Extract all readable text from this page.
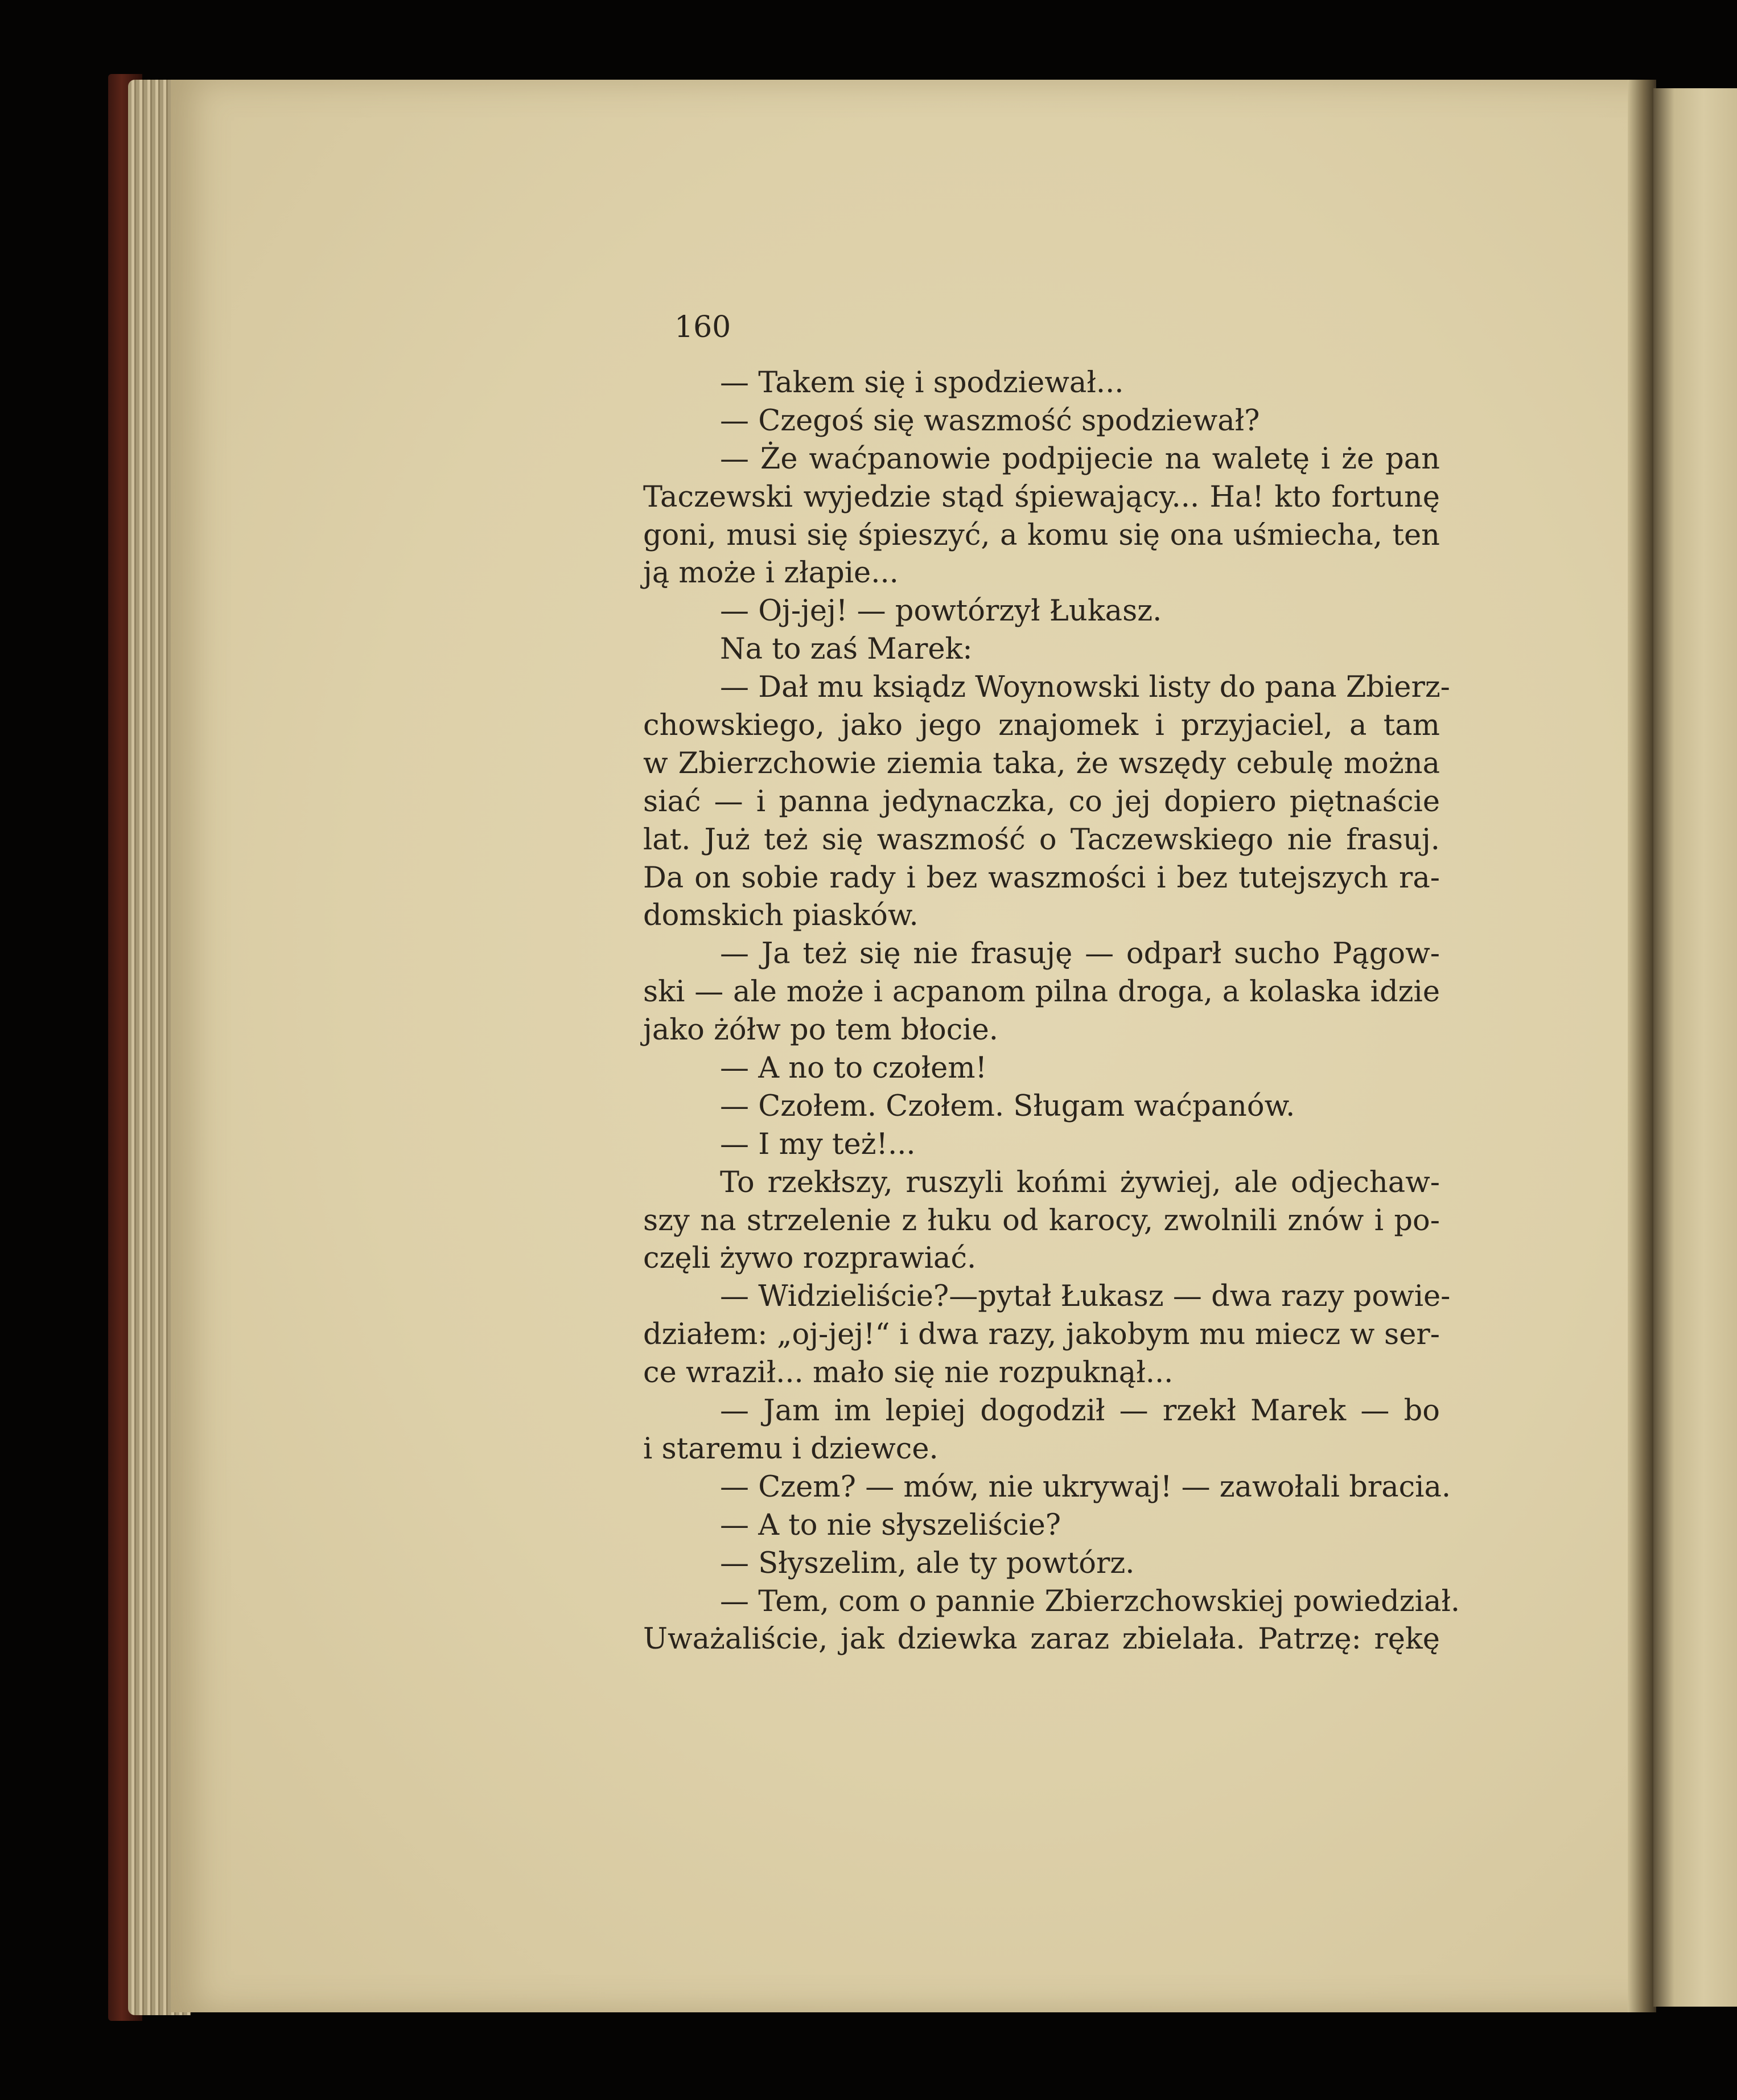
160
— Takem się i spodziewał...
— Czegoś się waszmość spodziewał?
— Że waćpanowie podpijecie na waletę i że pan
Taczewski wyjedzie stąd śpiewający... Ha! kto fortunę
goni, musi się śpieszyć, a komu się ona uśmiecha, ten
ją może i złapie...
— Oj-jej! — powtórzył Łukasz.
Na to zaś Marek:
— Dał mu ksiądz Woynowski listy do pana Zbierz-
chowskiego, jako jego znajomek i przyjaciel, a tam
w Zbierzchowie ziemia taka, że wszędy cebulę można
siać — i panna jedynaczka, co jej dopiero piętnaście
lat. Już też się waszmość o Taczewskiego nie frasuj.
Da on sobie rady i bez waszmości i bez tutejszych ra-
domskich piasków.
— Ja też się nie frasuję — odparł sucho Pągow-
ski — ale może i acpanom pilna droga, a kolaska idzie
jako żółw po tem błocie.
— A no to czołem!
— Czołem. Czołem. Sługam waćpanów.
— I my też!...
To rzekłszy, ruszyli końmi żywiej, ale odjechaw-
szy na strzelenie z łuku od karocy, zwolnili znów i po-
częli żywo rozprawiać.
— Widzieliście?—pytał Łukasz — dwa razy powie-
działem: „oj-jej!“ i dwa razy, jakobym mu miecz w ser-
ce wraził... mało się nie rozpuknął...
— Jam im lepiej dogodził — rzekł Marek — bo
i staremu i dziewce.
— Czem? — mów, nie ukrywaj! — zawołali bracia.
— A to nie słyszeliście?
— Słyszelim, ale ty powtórz.
— Tem, com o pannie Zbierzchowskiej powiedział.
Uważaliście, jak dziewka zaraz zbielała. Patrzę: rękę
